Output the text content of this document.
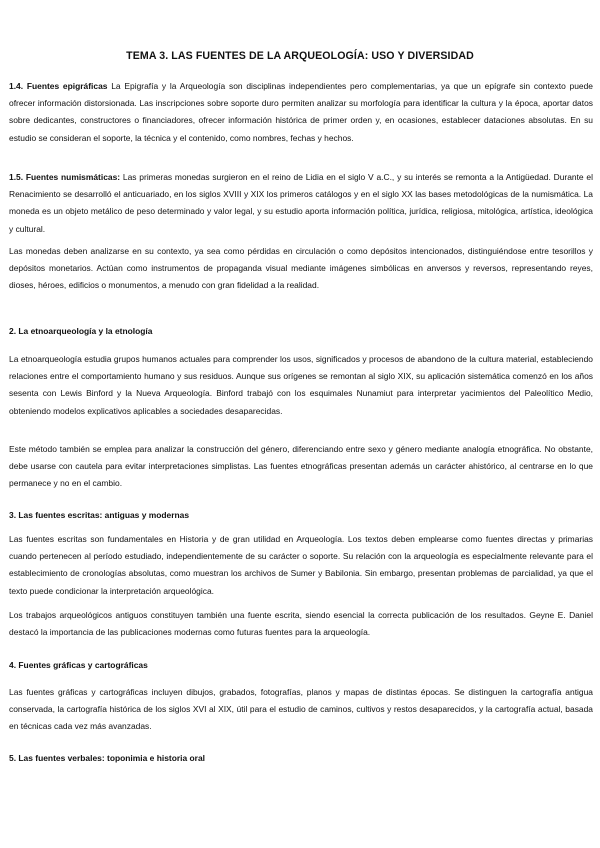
TEMA 3. LAS FUENTES DE LA ARQUEOLOGÍA: USO Y DIVERSIDAD

1.4. Fuentes epigráficas La Epigrafía y la Arqueología son disciplinas independientes pero complementarias, ya que un epígrafe sin contexto puede ofrecer información distorsionada. Las inscripciones sobre soporte duro permiten analizar su morfología para identificar la cultura y la época, aportar datos sobre dedicantes, constructores o financiadores, ofrecer información histórica de primer orden y, en ocasiones, establecer dataciones absolutas. En su estudio se consideran el soporte, la técnica y el contenido, como nombres, fechas y hechos.

1.5. Fuentes numismáticas: Las primeras monedas surgieron en el reino de Lidia en el siglo V a.C., y su interés se remonta a la Antigüedad. Durante el Renacimiento se desarrolló el anticuariado, en los siglos XVIII y XIX los primeros catálogos y en el siglo XX las bases metodológicas de la numismática. La moneda es un objeto metálico de peso determinado y valor legal, y su estudio aporta información política, jurídica, religiosa, mitológica, artística, ideológica y cultural.

Las monedas deben analizarse en su contexto, ya sea como pérdidas en circulación o como depósitos intencionados, distinguiéndose entre tesorillos y depósitos monetarios. Actúan como instrumentos de propaganda visual mediante imágenes simbólicas en anversos y reversos, representando reyes, dioses, héroes, edificios o monumentos, a menudo con gran fidelidad a la realidad.

2. La etnoarqueología y la etnología

La etnoarqueología estudia grupos humanos actuales para comprender los usos, significados y procesos de abandono de la cultura material, estableciendo relaciones entre el comportamiento humano y sus residuos. Aunque sus orígenes se remontan al siglo XIX, su aplicación sistemática comenzó en los años sesenta con Lewis Binford y la Nueva Arqueología. Binford trabajó con los esquimales Nunamiut para interpretar yacimientos del Paleolítico Medio, obteniendo modelos explicativos aplicables a sociedades desaparecidas.

Este método también se emplea para analizar la construcción del género, diferenciando entre sexo y género mediante analogía etnográfica. No obstante, debe usarse con cautela para evitar interpretaciones simplistas. Las fuentes etnográficas presentan además un carácter ahistórico, al centrarse en lo que permanece y no en el cambio.

3. Las fuentes escritas: antiguas y modernas

Las fuentes escritas son fundamentales en Historia y de gran utilidad en Arqueología. Los textos deben emplearse como fuentes directas y primarias cuando pertenecen al período estudiado, independientemente de su carácter o soporte. Su relación con la arqueología es especialmente relevante para el establecimiento de cronologías absolutas, como muestran los archivos de Sumer y Babilonia. Sin embargo, presentan problemas de parcialidad, ya que el texto puede condicionar la interpretación arqueológica.

Los trabajos arqueológicos antiguos constituyen también una fuente escrita, siendo esencial la correcta publicación de los resultados. Geyne E. Daniel destacó la importancia de las publicaciones modernas como futuras fuentes para la arqueología.

4. Fuentes gráficas y cartográficas

Las fuentes gráficas y cartográficas incluyen dibujos, grabados, fotografías, planos y mapas de distintas épocas. Se distinguen la cartografía antigua conservada, la cartografía histórica de los siglos XVI al XIX, útil para el estudio de caminos, cultivos y restos desaparecidos, y la cartografía actual, basada en técnicas cada vez más avanzadas.

5. Las fuentes verbales: toponimia e historia oral
